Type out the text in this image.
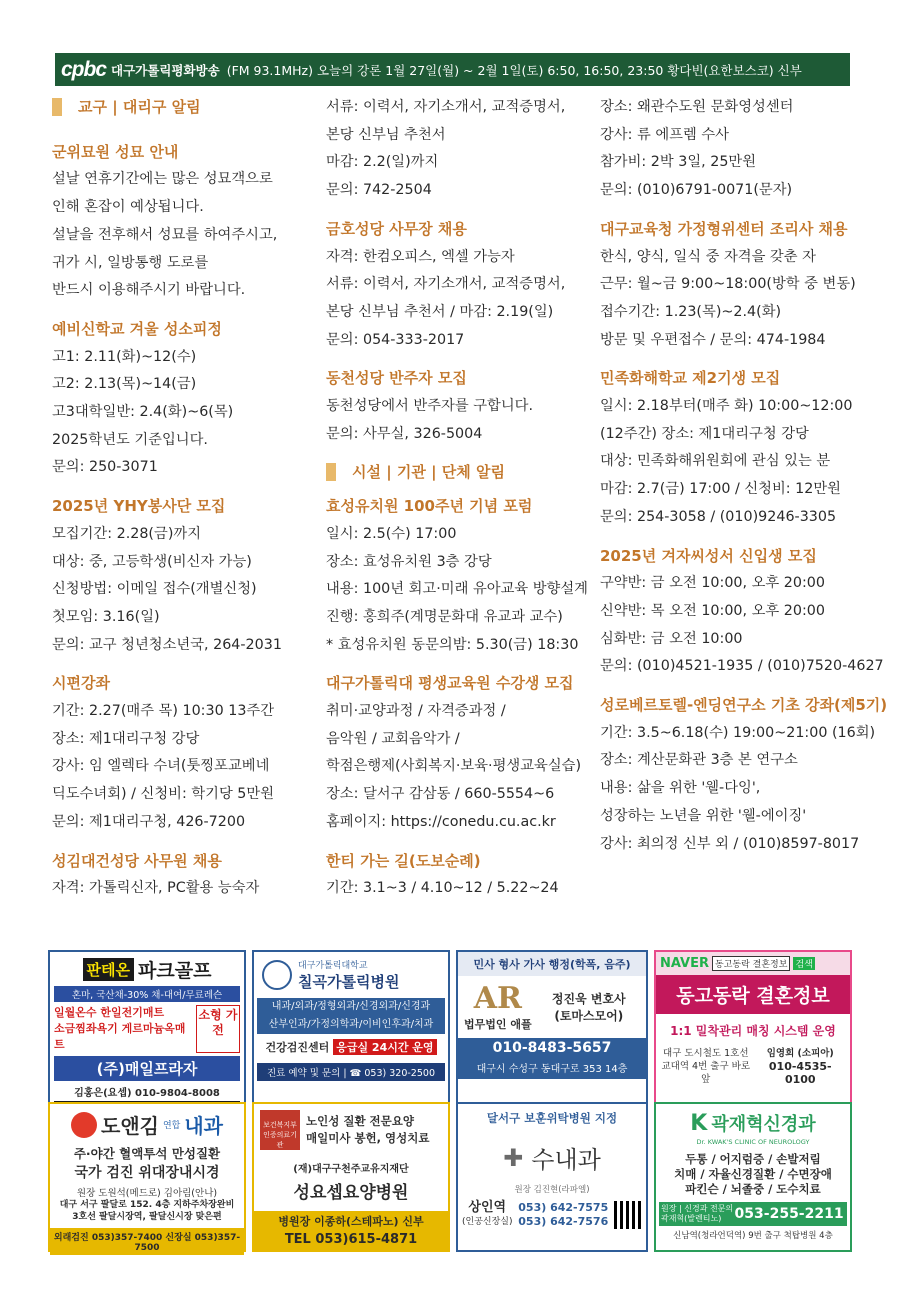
cpbc 대구가톨릭평화방송 (FM 93.1MHz) 오늘의 강론 1월 27일(월) ~ 2월 1일(토) 6:50, 16:50, 23:50 황다빈(요한보스코) 신부
교구 | 대리구 알림
군위묘원 성묘 안내
설날 연휴기간에는 많은 성묘객으로
인해 혼잡이 예상됩니다.
설날을 전후해서 성묘를 하여주시고,
귀가 시, 일방통행 도로를
반드시 이용해주시기 바랍니다.
예비신학교 겨울 성소피정
고1: 2.11(화)~12(수)
고2: 2.13(목)~14(금)
고3대학일반: 2.4(화)~6(목)
2025학년도 기준입니다.
문의: 250-3071
2025년 YHY봉사단 모집
모집기간: 2.28(금)까지
대상: 중, 고등학생(비신자 가능)
신청방법: 이메일 접수(개별신청)
첫모임: 3.16(일)
문의: 교구 청년청소년국, 264-2031
시편강좌
기간: 2.27(매주 목) 10:30 13주간
장소: 제1대리구청 강당
강사: 임 엘렉타 수녀(툿찡포교베네
딕도수녀회) / 신청비: 학기당 5만원
문의: 제1대리구청, 426-7200
성김대건성당 사무원 채용
자격: 가톨릭신자, PC활용 능숙자
서류: 이력서, 자기소개서, 교적증명서,
본당 신부님 추천서
마감: 2.2(일)까지
문의: 742-2504
금호성당 사무장 채용
자격: 한컴오피스, 엑셀 가능자
서류: 이력서, 자기소개서, 교적증명서,
본당 신부님 추천서 / 마감: 2.19(일)
문의: 054-333-2017
동천성당 반주자 모집
동천성당에서 반주자를 구합니다.
문의: 사무실, 326-5004
시설 | 기관 | 단체 알림
효성유치원 100주년 기념 포럼
일시: 2.5(수) 17:00
장소: 효성유치원 3층 강당
내용: 100년 회고·미래 유아교육 방향설계
진행: 홍희주(계명문화대 유교과 교수)
* 효성유치원 동문의밤: 5.30(금) 18:30
대구가톨릭대 평생교육원 수강생 모집
취미·교양과정 / 자격증과정 /
음악원 / 교회음악가 /
학점은행제(사회복지·보육·평생교육실습)
장소: 달서구 감삼동 / 660-5554~6
홈페이지: https://conedu.cu.ac.kr
한티 가는 길(도보순례)
기간: 3.1~3 / 4.10~12 / 5.22~24
장소: 왜관수도원 문화영성센터
강사: 류 에프렘 수사
참가비: 2박 3일, 25만원
문의: (010)6791-0071(문자)
대구교육청 가정형위센터 조리사 채용
한식, 양식, 일식 중 자격을 갖춘 자
근무: 월~금 9:00~18:00(방학 중 변동)
접수기간: 1.23(목)~2.4(화)
방문 및 우편접수 / 문의: 474-1984
민족화해학교 제2기생 모집
일시: 2.18부터(매주 화) 10:00~12:00
(12주간) 장소: 제1대리구청 강당
대상: 민족화해위원회에 관심 있는 분
마감: 2.7(금) 17:00 / 신청비: 12만원
문의: 254-3058 / (010)9246-3305
2025년 겨자씨성서 신입생 모집
구약반: 금 오전 10:00, 오후 20:00
신약반: 목 오전 10:00, 오후 20:00
심화반: 금 오전 10:00
문의: (010)4521-1935 / (010)7520-4627
성로베르토렐-엔딩연구소 기초 강좌(제5기)
기간: 3.5~6.18(수) 19:00~21:00 (16회)
장소: 계산문화관 3층 본 연구소
내용: 삶을 위한 '웰-다잉',
성장하는 노년을 위한 '웰-에이징'
강사: 최의정 신부 외 / (010)8597-8017
판테온 파크골프
혼마, 국산채-30% 채-대여/무료레슨
일월온수 한일전기매트
소금찜좌욕기 게르마늄옥매트
소형 가전
(주)매일프라자
김홍은(요셉) 010-9804-8008
대구가톨릭대학교
칠곡가톨릭병원
내과/외과/정형외과/신경외과/신경과
산부인과/가정의학과/이비인후과/치과
건강검진센터 응급실 24시간 운영
진료 예약 및 문의 | ☎ 053) 320-2500
민사 형사 가사 행정(학폭, 음주)
AR
법무법인 애플
정진욱 변호사
(토마스모어)
010-8483-5657
대구시 수성구 동대구로 353 14층
NAVER 동고동락 결혼정보 검색
동고동락 결혼정보
1:1 밀착관리 매칭 시스템 운영
대구 도시철도 1호선
교대역 4번 출구 바로 앞
임영희 (소피아)
010-4535-0100
도앤김 연합 내과
주·야간 혈액투석 만성질환
국가 검진 위대장내시경
원장 도원석(메드로) 김아림(안나)
대구 서구 팔달로 152. 4층 지하주차장완비
3호선 팔달시장역, 팔달신시장 맞은편
외래검진 053)357-7400 신장실 053)357-7500
보건복지부 인증의료기관
노인성 질환 전문요양
매일미사 봉헌, 영성치료
(재)대구구천주교유지재단
성요셉요양병원
병원장 이종하(스테파노) 신부
TEL 053)615-4871
달서구 보훈위탁병원 지정
✚ 수내과
원장 김진현(라파엘)
상인역
(인공신장실)
053) 642-7575
053) 642-7576
K 곽재혁신경과
Dr. KWAK'S CLINIC OF NEUROLOGY
두통 / 어지럼증 / 손발저림
치매 / 자율신경질환 / 수면장애
파킨슨 / 뇌졸중 / 도수치료
원장 | 신경과 전문의
곽재혁(발렌티노) 053-255-2211
신남역(청라언덕역) 9번 출구 척탑병원 4층
